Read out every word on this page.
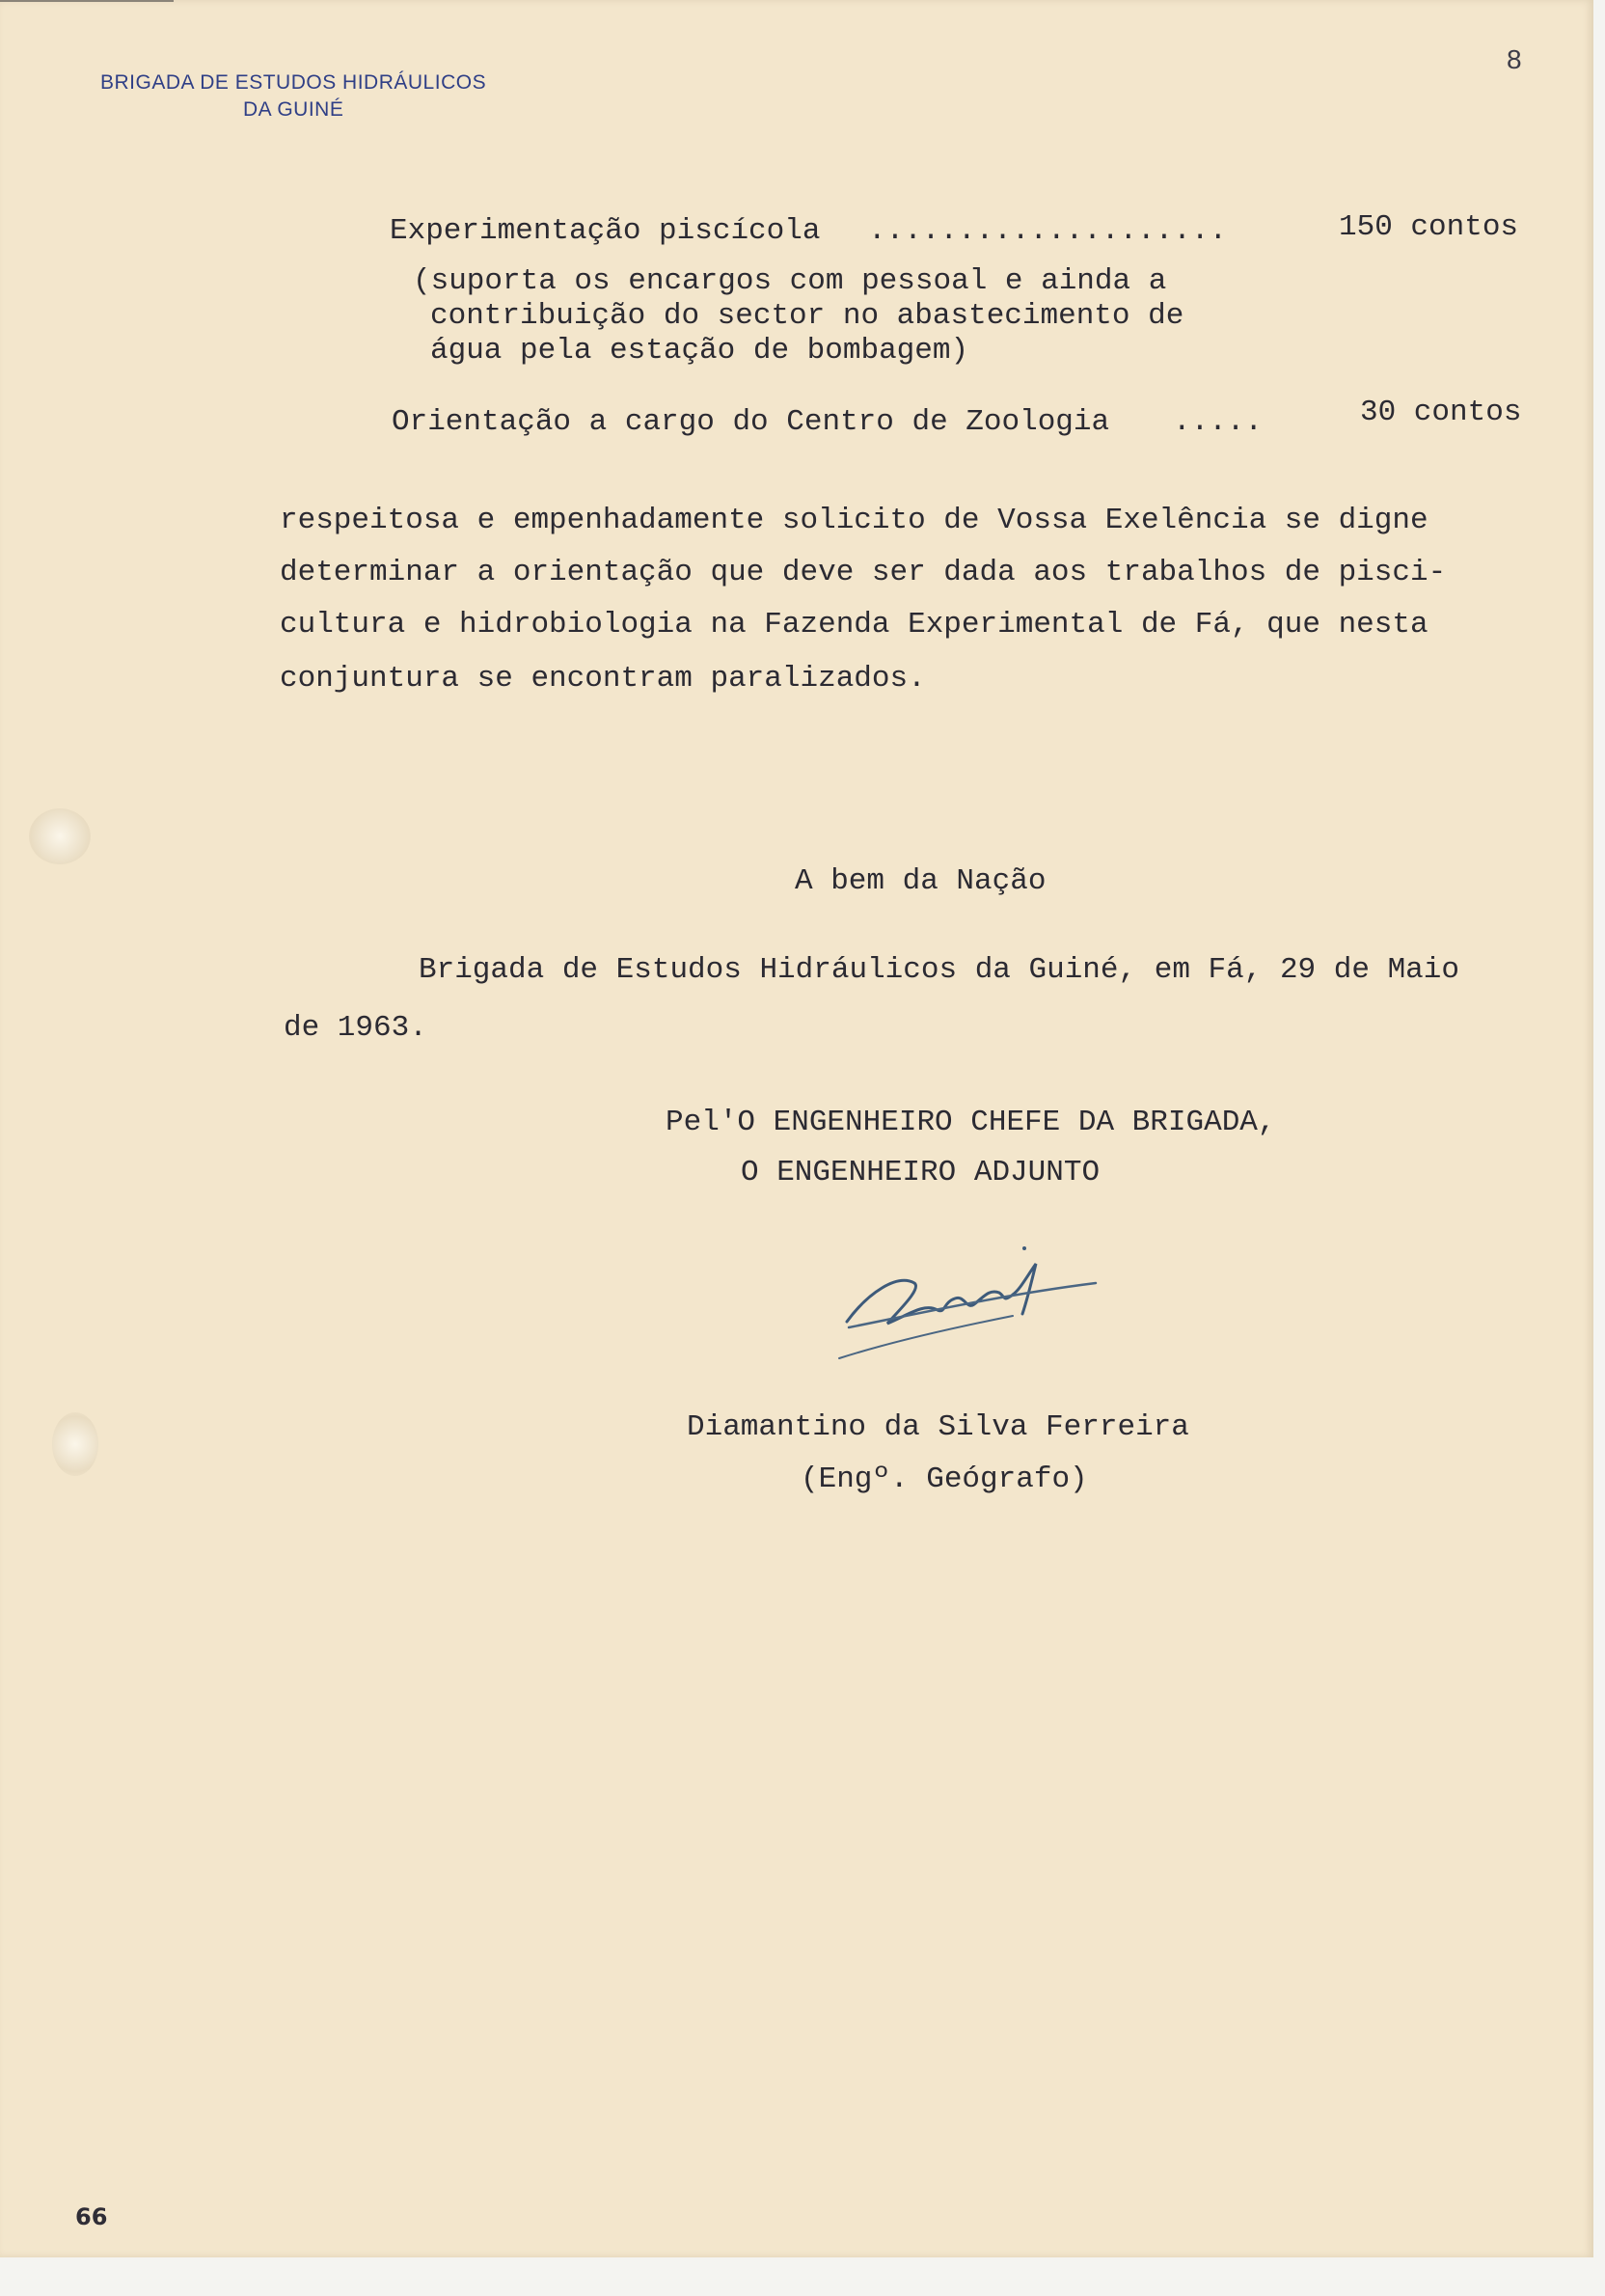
BRIGADA DE ESTUDOS HIDRÁULICOS
DA GUINÉ
8
Experimentação piscícola ....................	150 contos
(suporta os encargos com pessoal e ainda a
contribuição do sector no abastecimento de
água pela estação de bombagem)
Orientação a cargo do Centro de Zoologia .....	30 contos
respeitosa e empenhadamente solicito de Vossa Exelência se digne
determinar a orientação que deve ser dada aos trabalhos de pisci-
cultura e hidrobiologia na Fazenda Experimental de Fá, que nesta
conjuntura se encontram paralizados.
A bem da Nação
Brigada de Estudos Hidráulicos da Guiné, em Fá, 29 de Maio
de 1963.
Pel'O ENGENHEIRO CHEFE DA BRIGADA,
O ENGENHEIRO ADJUNTO
Diamantino da Silva Ferreira
(Engº. Geógrafo)
66
